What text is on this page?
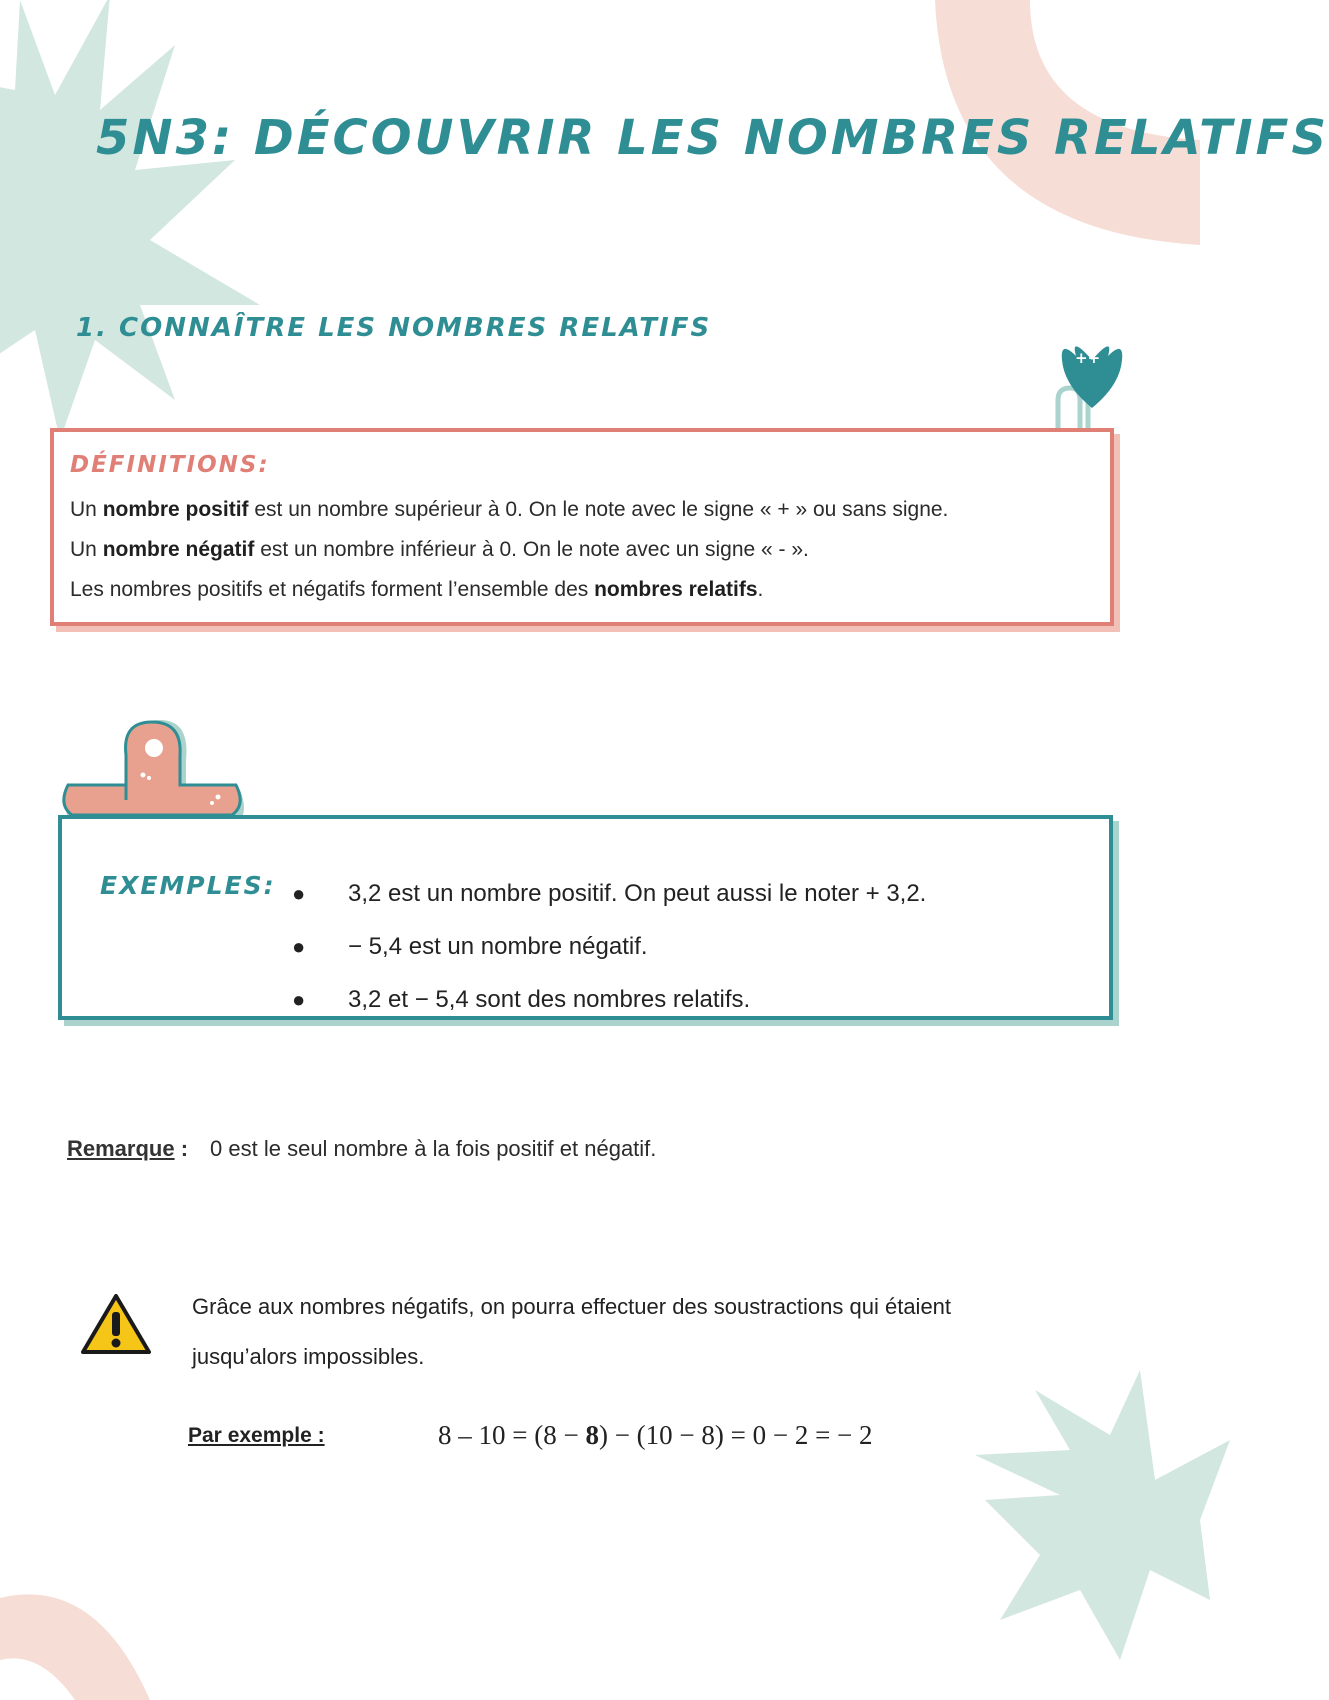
++
5N3: DÉCOUVRIR LES NOMBRES RELATIFS
1. CONNAÎTRE LES NOMBRES RELATIFS

DÉFINITIONS:

Un nombre positif est un nombre supérieur à 0. On le note avec le signe « + » ou sans signe.

Un nombre négatif est un nombre inférieur à 0. On le note avec un signe « - ».

Les nombres positifs et négatifs forment l’ensemble des nombres relatifs.

EXEMPLES: ● 3,2 est un nombre positif. On peut aussi le noter + 3,2.
● − 5,4 est un nombre négatif.
● 3,2 et − 5,4 sont des nombres relatifs.
Remarque : 0 est le seul nombre à la fois positif et négatif.
Grâce aux nombres négatifs, on pourra effectuer des soustractions qui étaient
jusqu’alors impossibles.
Par exemple :	8 – 10 = (8 − 8) − (10 − 8) = 0 − 2 = − 2
